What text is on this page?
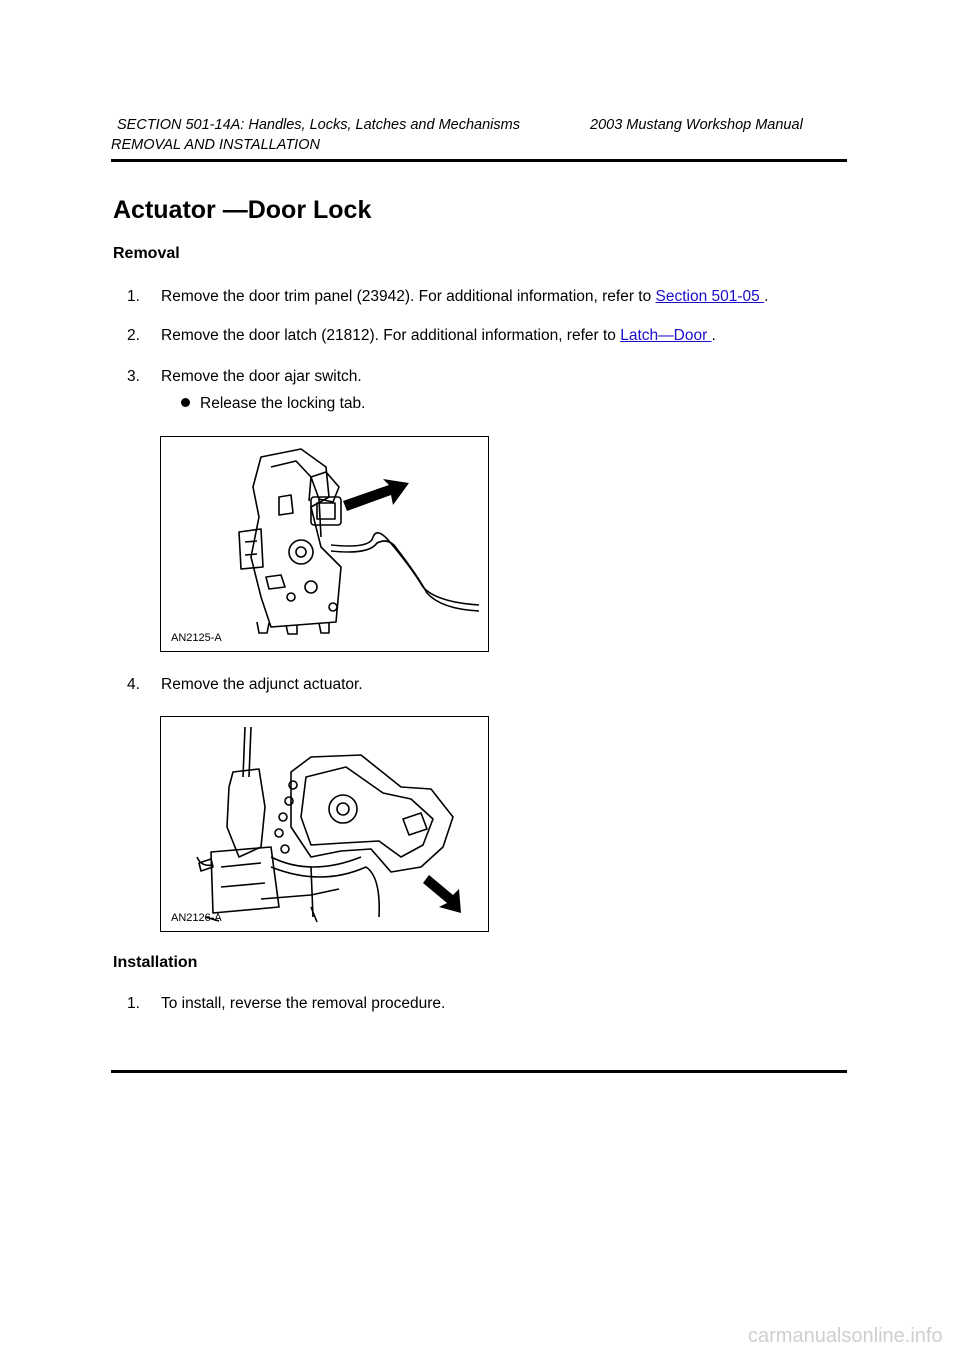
SECTION 501-14A: Handles, Locks, Latches and Mechanisms	2003 Mustang Workshop Manual
REMOVAL AND INSTALLATION
Actuator —Door Lock
Removal
1. Remove the door trim panel (23942). For additional information, refer to Section 501-05 .
2. Remove the door latch (21812). For additional information, refer to Latch—Door .
3. Remove the door ajar switch.
Release the locking tab.
AN2125-A
4. Remove the adjunct actuator.
AN2126-A
Installation
1. To install, reverse the removal procedure.
carmanualsonline.info
